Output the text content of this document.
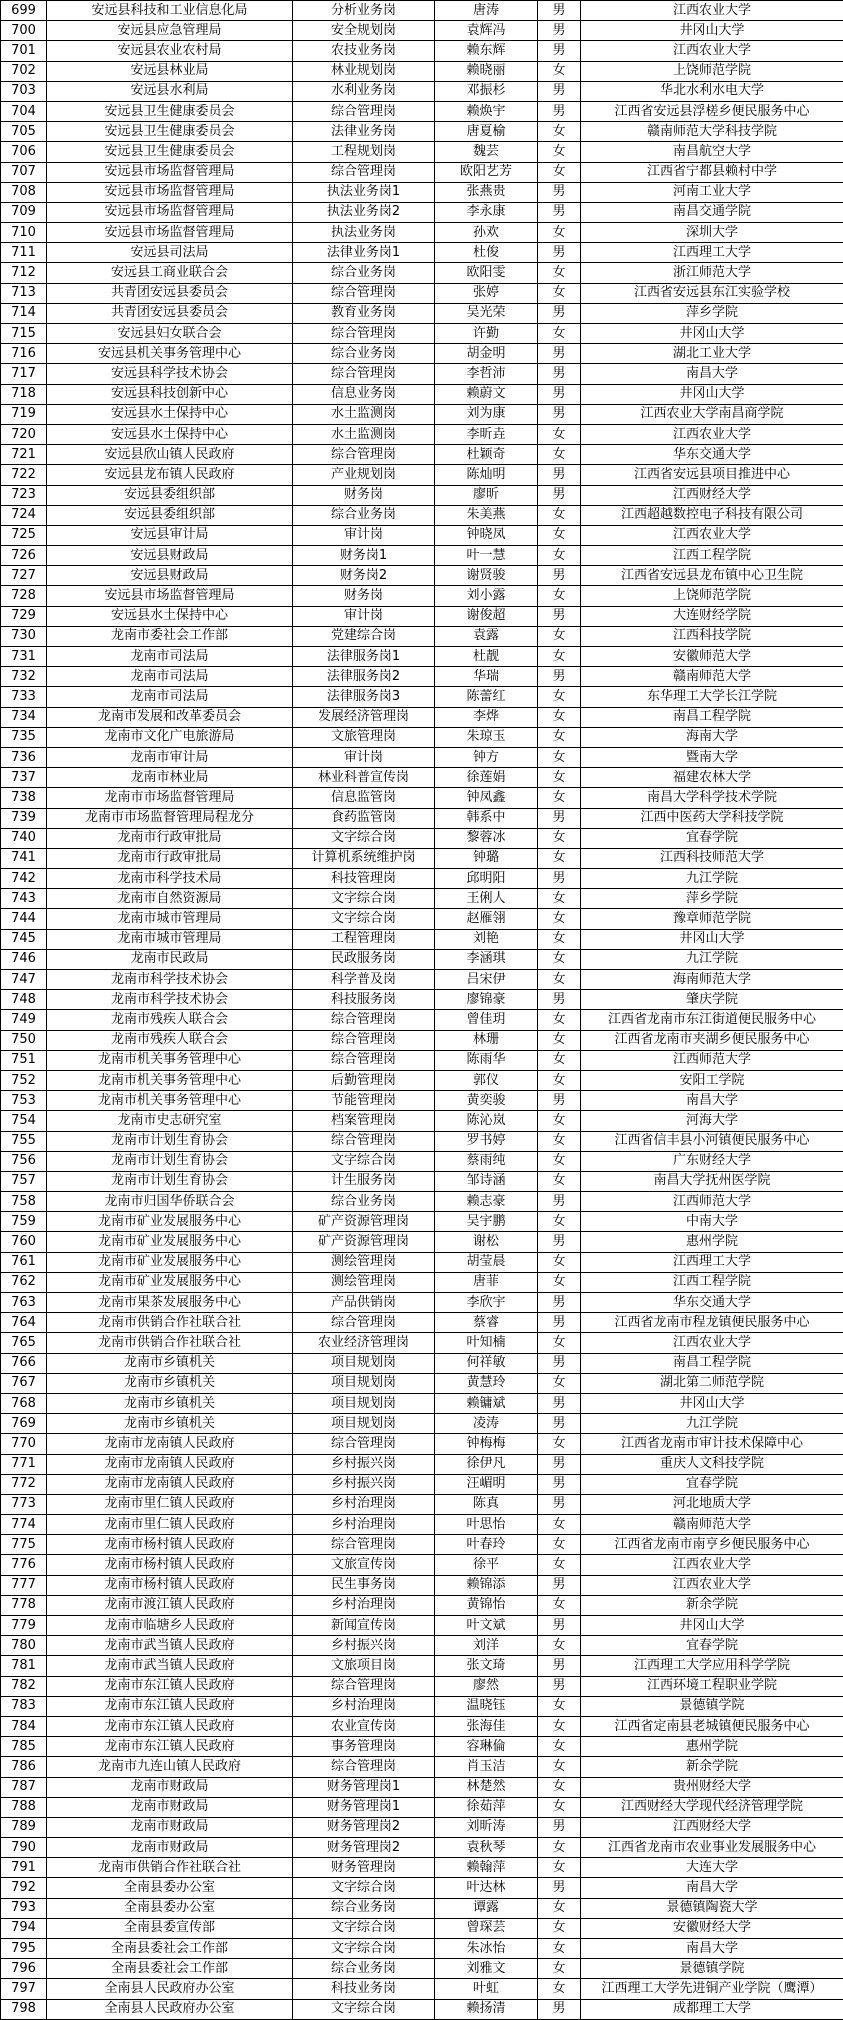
699	安远县科技和工业信息化局	分析业务岗	唐涛	男	江西农业大学
700	安远县应急管理局	安全规划岗	袁辉冯	男	井冈山大学
701	安远县农业农村局	农技业务岗	赖东辉	男	江西农业大学
702	安远县林业局	林业规划岗	赖晓丽	女	上饶师范学院
703	安远县水利局	水利业务岗	邓振杉	男	华北水利水电大学
704	安远县卫生健康委员会	综合管理岗	赖焕宇	男	江西省安远县浮槎乡便民服务中心
705	安远县卫生健康委员会	法律业务岗	唐夏榆	女	赣南师范大学科技学院
706	安远县卫生健康委员会	工程规划岗	魏芸	女	南昌航空大学
707	安远县市场监督管理局	综合管理岗	欧阳艺芳	女	江西省宁都县赖村中学
708	安远县市场监督管理局	执法业务岗1	张燕贵	男	河南工业大学
709	安远县市场监督管理局	执法业务岗2	李永康	男	南昌交通学院
710	安远县市场监督管理局	执法业务岗	孙欢	女	深圳大学
711	安远县司法局	法律业务岗1	杜俊	男	江西理工大学
712	安远县工商业联合会	综合业务岗	欧阳雯	女	浙江师范大学
713	共青团安远县委员会	综合管理岗	张婷	女	江西省安远县东江实验学校
714	共青团安远县委员会	教育业务岗	吴光荣	男	萍乡学院
715	安远县妇女联合会	综合管理岗	许勤	女	井冈山大学
716	安远县机关事务管理中心	综合业务岗	胡金明	男	湖北工业大学
717	安远县科学技术协会	综合管理岗	李哲沛	男	南昌大学
718	安远县科技创新中心	信息业务岗	赖蔚文	男	井冈山大学
719	安远县水土保持中心	水土监测岗	刘为康	男	江西农业大学南昌商学院
720	安远县水土保持中心	水土监测岗	李昕垚	女	江西农业大学
721	安远县欣山镇人民政府	综合管理岗	杜颖奇	女	华东交通大学
722	安远县龙布镇人民政府	产业规划岗	陈灿明	男	江西省安远县项目推进中心
723	安远县委组织部	财务岗	廖昕	男	江西财经大学
724	安远县委组织部	综合业务岗	朱美燕	女	江西超越数控电子科技有限公司
725	安远县审计局	审计岗	钟晓凤	女	江西农业大学
726	安远县财政局	财务岗1	叶一慧	女	江西工程学院
727	安远县财政局	财务岗2	谢贤骏	男	江西省安远县龙布镇中心卫生院
728	安远县市场监督管理局	财务岗	刘小露	女	上饶师范学院
729	安远县水土保持中心	审计岗	谢俊超	男	大连财经学院
730	龙南市委社会工作部	党建综合岗	袁露	女	江西科技学院
731	龙南市司法局	法律服务岗1	杜靓	女	安徽师范大学
732	龙南市司法局	法律服务岗2	华瑞	男	赣南师范大学
733	龙南市司法局	法律服务岗3	陈蕾红	女	东华理工大学长江学院
734	龙南市发展和改革委员会	发展经济管理岗	李烨	女	南昌工程学院
735	龙南市文化广电旅游局	文旅管理岗	朱琼玉	女	海南大学
736	龙南市审计局	审计岗	钟方	女	暨南大学
737	龙南市林业局	林业科普宣传岗	徐莲娟	女	福建农林大学
738	龙南市市场监督管理局	信息监管岗	钟凤鑫	女	南昌大学科学技术学院
739	龙南市市场监督管理局程龙分	食药监管岗	韩系中	男	江西中医药大学科技学院
740	龙南市行政审批局	文字综合岗	黎蓉冰	女	宜春学院
741	龙南市行政审批局	计算机系统维护岗	钟璐	女	江西科技师范大学
742	龙南市科学技术局	科技管理岗	邱明阳	男	九江学院
743	龙南市自然资源局	文字综合岗	王俐人	女	萍乡学院
744	龙南市城市管理局	文字综合岗	赵雁翎	女	豫章师范学院
745	龙南市城市管理局	工程管理岗	刘艳	女	井冈山大学
746	龙南市民政局	民政服务岗	李涵琪	女	九江学院
747	龙南市科学技术协会	科学普及岗	吕宋伊	女	海南师范大学
748	龙南市科学技术协会	科技服务岗	廖锦豪	男	肇庆学院
749	龙南市残疾人联合会	综合管理岗	曾佳玥	女	江西省龙南市东江街道便民服务中心
750	龙南市残疾人联合会	综合管理岗	林珊	女	江西省龙南市夹湖乡便民服务中心
751	龙南市机关事务管理中心	综合管理岗	陈雨华	女	江西师范大学
752	龙南市机关事务管理中心	后勤管理岗	郭仪	女	安阳工学院
753	龙南市机关事务管理中心	节能管理岗	黄奕骏	男	南昌大学
754	龙南市史志研究室	档案管理岗	陈沁岚	女	河海大学
755	龙南市计划生育协会	综合管理岗	罗书婷	女	江西省信丰县小河镇便民服务中心
756	龙南市计划生育协会	文字综合岗	蔡雨纯	女	广东财经大学
757	龙南市计划生育协会	计生服务岗	邹诗涵	女	南昌大学抚州医学院
758	龙南市归国华侨联合会	综合业务岗	赖志豪	男	江西师范大学
759	龙南市矿业发展服务中心	矿产资源管理岗	吴宇鹏	女	中南大学
760	龙南市矿业发展服务中心	矿产资源管理岗	谢松	男	惠州学院
761	龙南市矿业发展服务中心	测绘管理岗	胡莹晨	女	江西理工大学
762	龙南市矿业发展服务中心	测绘管理岗	唐菲	女	江西工程学院
763	龙南市果茶发展服务中心	产品供销岗	李欣宇	男	华东交通大学
764	龙南市供销合作社联合社	综合管理岗	蔡睿	男	江西省龙南市程龙镇便民服务中心
765	龙南市供销合作社联合社	农业经济管理岗	叶知楠	女	江西农业大学
766	龙南市乡镇机关	项目规划岗	何祥敏	男	南昌工程学院
767	龙南市乡镇机关	项目规划岗	黄慧玲	女	湖北第二师范学院
768	龙南市乡镇机关	项目规划岗	赖镛斌	男	井冈山大学
769	龙南市乡镇机关	项目规划岗	凌涛	男	九江学院
770	龙南市龙南镇人民政府	综合管理岗	钟梅梅	女	江西省龙南市审计技术保障中心
771	龙南市龙南镇人民政府	乡村振兴岗	徐伊凡	男	重庆人文科技学院
772	龙南市龙南镇人民政府	乡村振兴岗	汪嵋明	男	宜春学院
773	龙南市里仁镇人民政府	乡村治理岗	陈真	男	河北地质大学
774	龙南市里仁镇人民政府	乡村治理岗	叶思怡	女	赣南师范大学
775	龙南市杨村镇人民政府	综合管理岗	叶春玲	女	江西省龙南市南亨乡便民服务中心
776	龙南市杨村镇人民政府	文旅宣传岗	徐平	女	江西农业大学
777	龙南市杨村镇人民政府	民生事务岗	赖锦添	男	江西农业大学
778	龙南市渡江镇人民政府	乡村治理岗	黄锦怡	女	新余学院
779	龙南市临塘乡人民政府	新闻宣传岗	叶文斌	男	井冈山大学
780	龙南市武当镇人民政府	乡村振兴岗	刘洋	女	宜春学院
781	龙南市武当镇人民政府	文旅项目岗	张文琦	男	江西理工大学应用科学学院
782	龙南市东江镇人民政府	综合管理岗	廖然	男	江西环境工程职业学院
783	龙南市东江镇人民政府	乡村治理岗	温晓钰	女	景德镇学院
784	龙南市东江镇人民政府	农业宣传岗	张海佳	女	江西省定南县老城镇便民服务中心
785	龙南市东江镇人民政府	事务管理岗	容琳倫	女	惠州学院
786	龙南市九连山镇人民政府	综合管理岗	肖玉洁	女	新余学院
787	龙南市财政局	财务管理岗1	林楚然	女	贵州财经大学
788	龙南市财政局	财务管理岗1	徐茹萍	女	江西财经大学现代经济管理学院
789	龙南市财政局	财务管理岗2	刘昕涛	男	江西财经大学
790	龙南市财政局	财务管理岗2	袁秋琴	女	江西省龙南市农业事业发展服务中心
791	龙南市供销合作社联合社	财务管理岗	赖翰萍	女	大连大学
792	全南县委办公室	文字综合岗	叶达林	男	南昌大学
793	全南县委办公室	综合业务岗	谭露	女	景德镇陶瓷大学
794	全南县委宣传部	文字综合岗	曾琛芸	女	安徽财经大学
795	全南县委社会工作部	文字综合岗	朱冰怡	女	南昌大学
796	全南县委社会工作部	综合业务岗	刘雅文	女	景德镇学院
797	全南县人民政府办公室	科技业务岗	叶虹	女	江西理工大学先进铜产业学院（鹰潭）
798	全南县人民政府办公室	文字综合岗	赖扬清	男	成都理工大学
